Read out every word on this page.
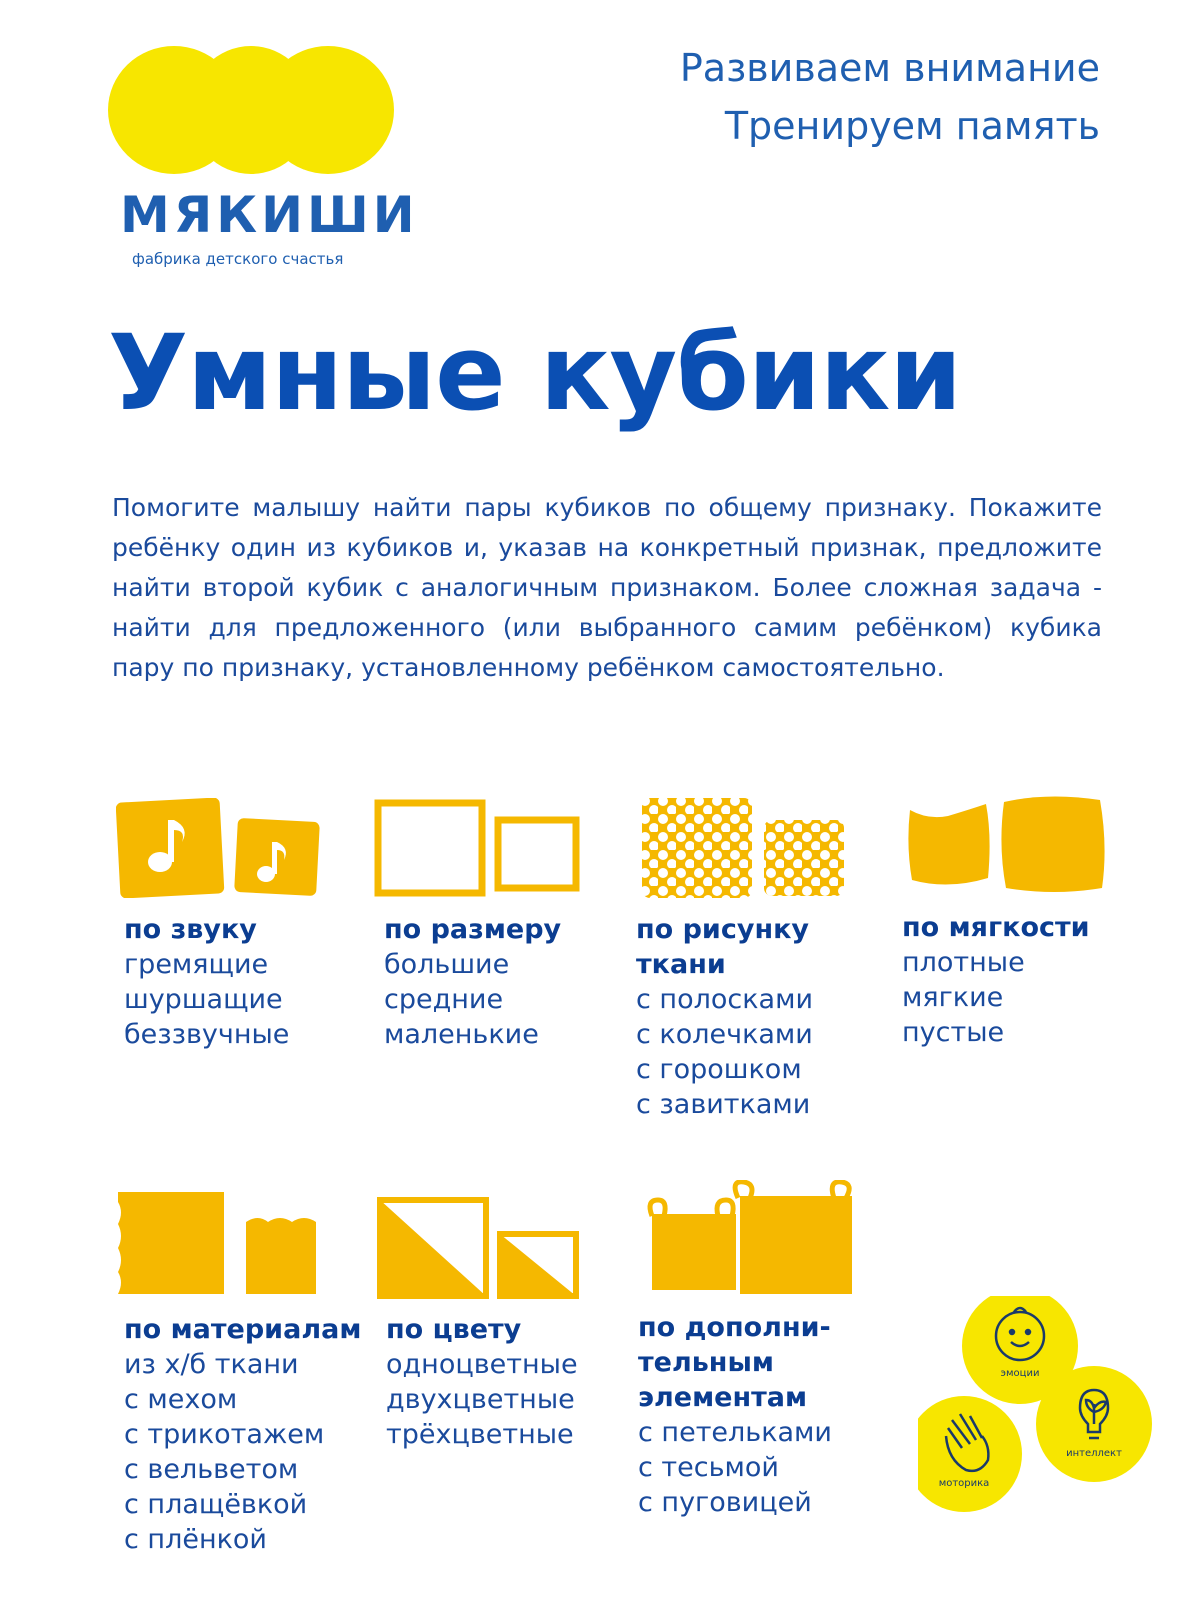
МЯКИШИ
фабрика детского счастья
Развиваем внимание
Тренируем память
Умные кубики
Помогите малышу найти пары кубиков по общему признаку. Покажите ребёнку один из кубиков и, указав на конкретный признак, предложите найти второй кубик с аналогичным признаком. Более сложная задача - найти для предложенного (или выбранного самим ребёнком) кубика пару по признаку, установленному ребёнком самостоятельно.
по звуку
гремящие
шуршащие
беззвучные
по размеру
большие
средние
маленькие
по рисунку ткани
с полосками
с колечками
с горошком
с завитками
по мягкости
плотные
мягкие
пустые
по материалам
из х/б ткани
с мехом
с трикотажем
с вельветом
с плащёвкой
с плёнкой
по цвету
одноцветные
двухцветные
трёхцветные
по дополни-
тельным
элементам
с петельками
с тесьмой
с пуговицей
эмоции
интеллект
моторика
